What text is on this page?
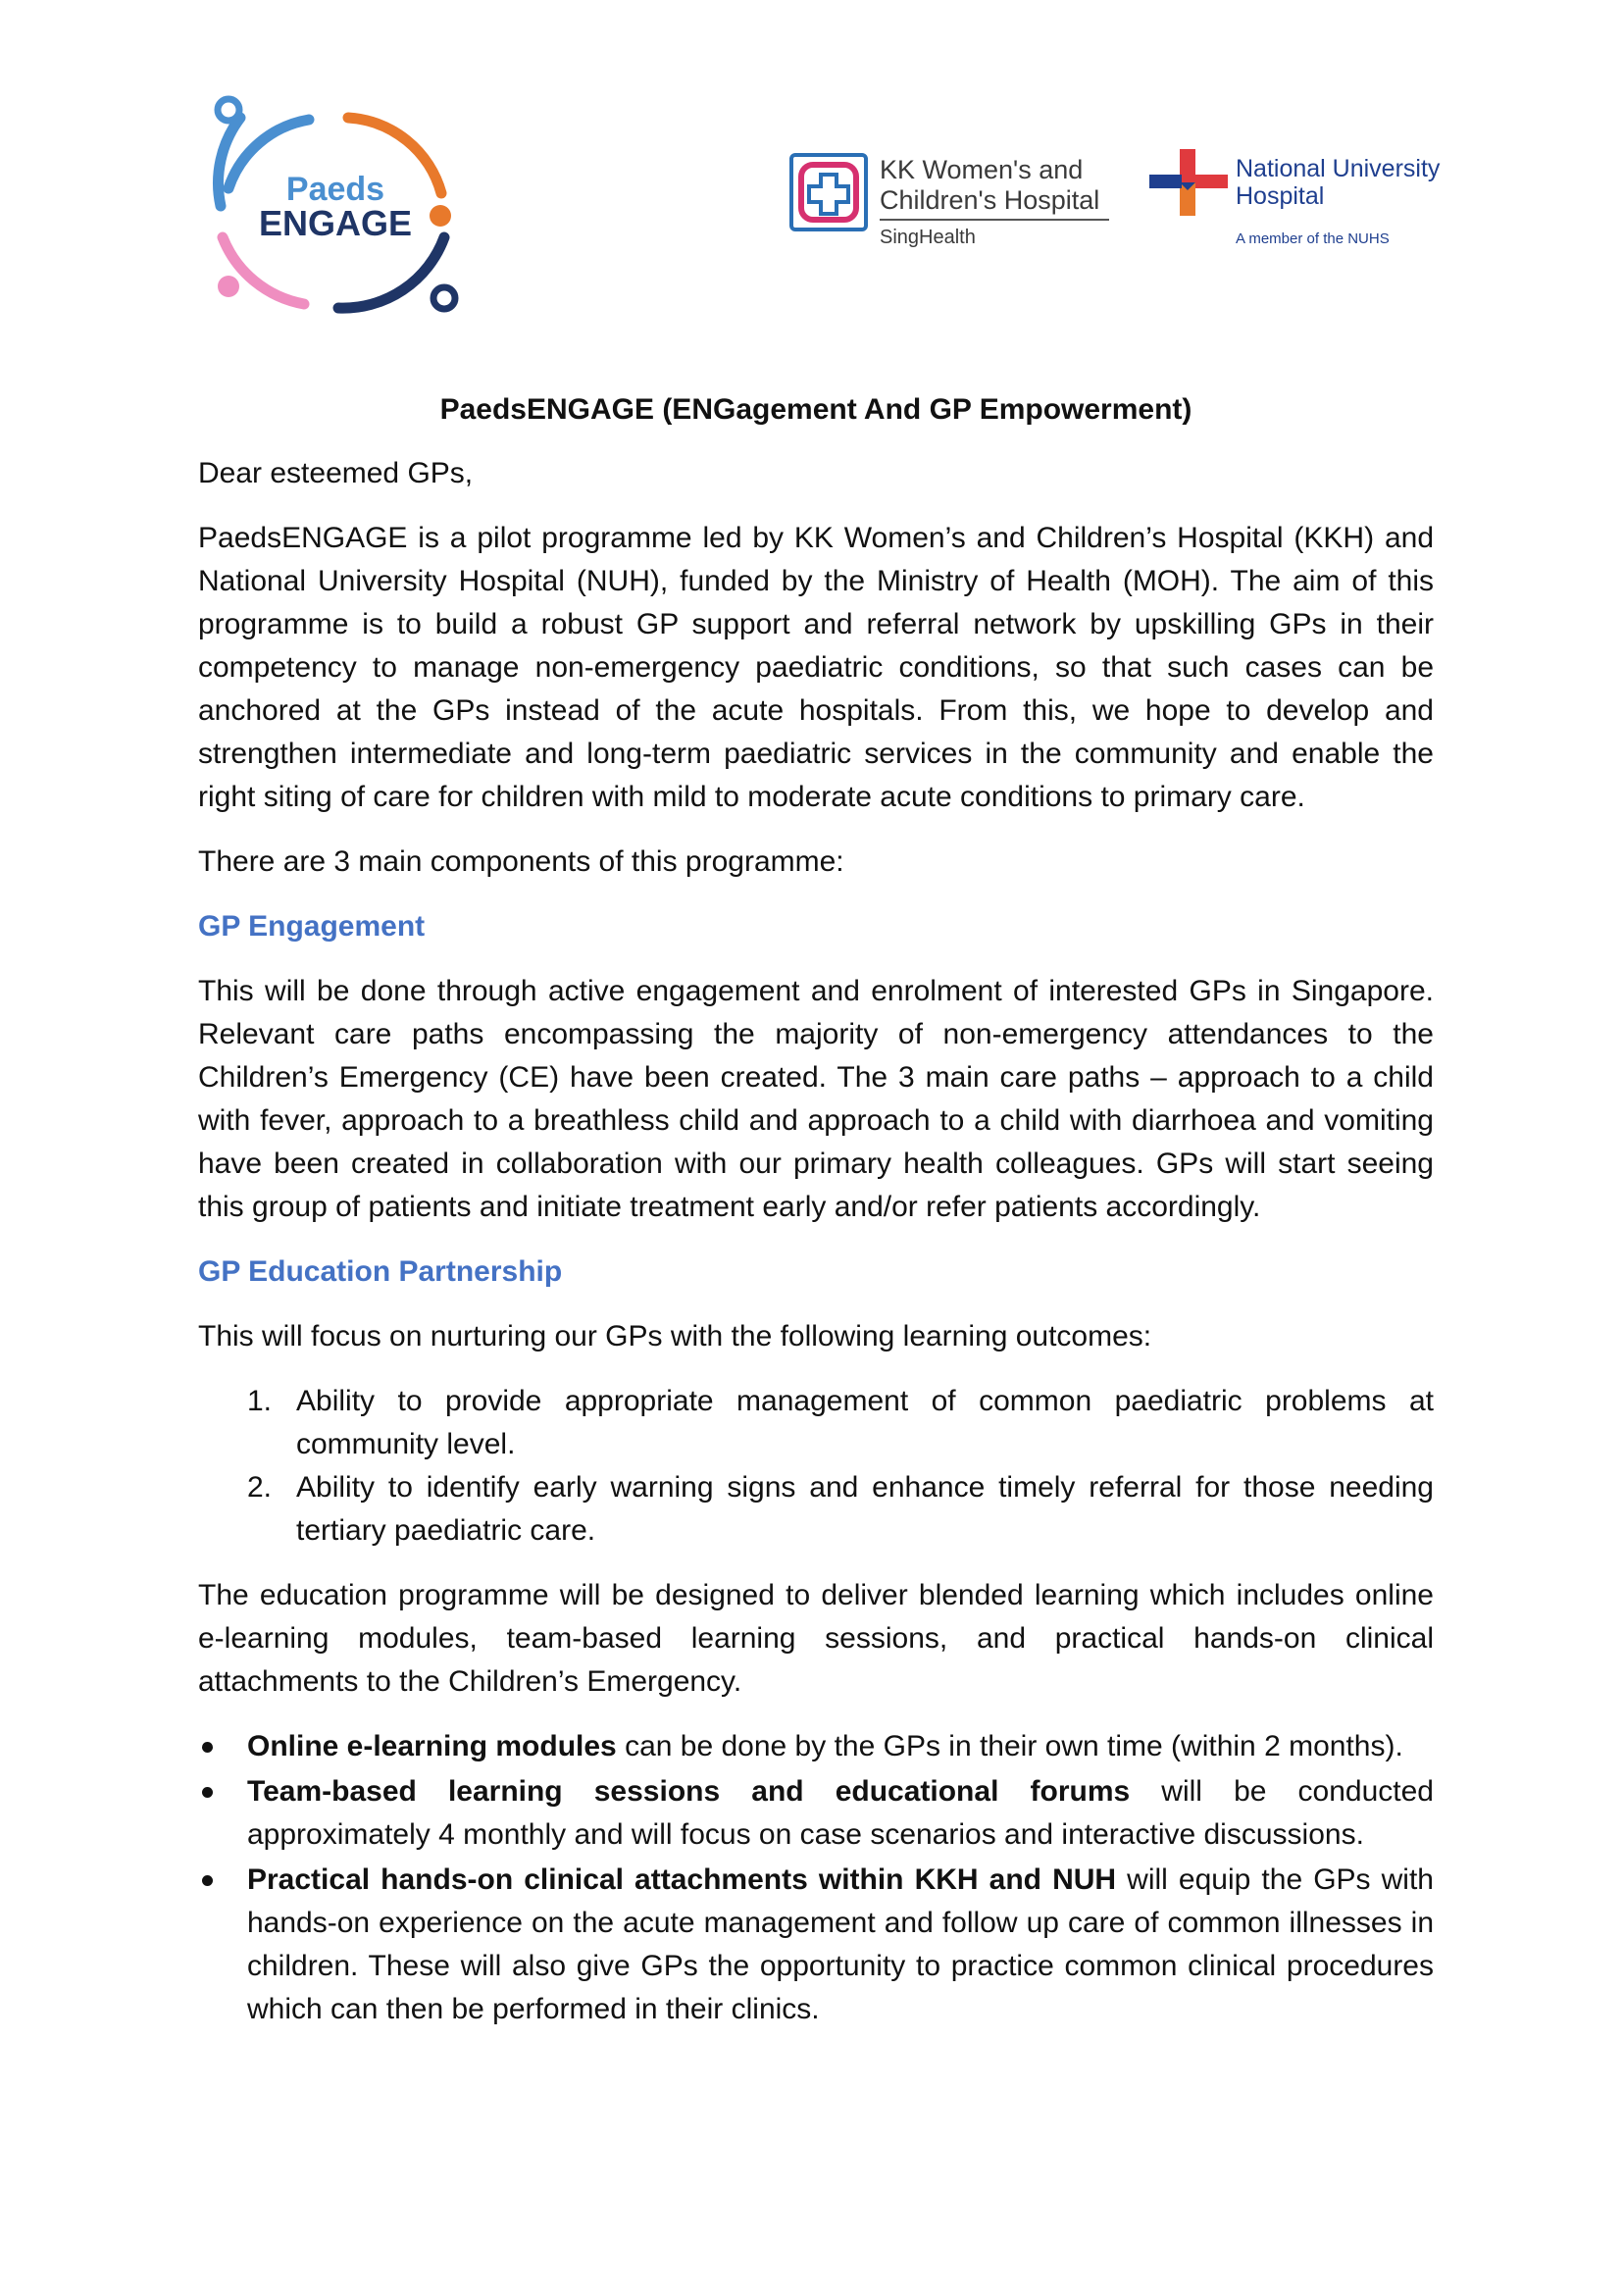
Paeds
ENGAGE
KK Women's and
Children's Hospital
SingHealth
National University
Hospital
A member of the NUHS

PaedsENGAGE (ENGagement And GP Empowerment)

Dear esteemed GPs,

PaedsENGAGE is a pilot programme led by KK Women’s and Children’s Hospital (KKH) and National University Hospital (NUH), funded by the Ministry of Health (MOH). The aim of this programme is to build a robust GP support and referral network by upskilling GPs in their competency to manage non-emergency paediatric conditions, so that such cases can be anchored at the GPs instead of the acute hospitals. From this, we hope to develop and strengthen intermediate and long-term paediatric services in the community and enable the right siting of care for children with mild to moderate acute conditions to primary care.

There are 3 main components of this programme:

GP Engagement

This will be done through active engagement and enrolment of interested GPs in Singapore. Relevant care paths encompassing the majority of non-emergency attendances to the Children’s Emergency (CE) have been created. The 3 main care paths – approach to a child with fever, approach to a breathless child and approach to a child with diarrhoea and vomiting have been created in collaboration with our primary health colleagues. GPs will start seeing this group of patients and initiate treatment early and/or refer patients accordingly.

GP Education Partnership

This will focus on nurturing our GPs with the following learning outcomes:

1. Ability to provide appropriate management of common paediatric problems at community level.
2. Ability to identify early warning signs and enhance timely referral for those needing tertiary paediatric care.

The education programme will be designed to deliver blended learning which includes online e-learning modules, team-based learning sessions, and practical hands-on clinical attachments to the Children’s Emergency.

Online e-learning modules can be done by the GPs in their own time (within 2 months).
Team-based learning sessions and educational forums will be conducted approximately 4 monthly and will focus on case scenarios and interactive discussions.
Practical hands-on clinical attachments within KKH and NUH will equip the GPs with hands-on experience on the acute management and follow up care of common illnesses in children. These will also give GPs the opportunity to practice common clinical procedures which can then be performed in their clinics.
